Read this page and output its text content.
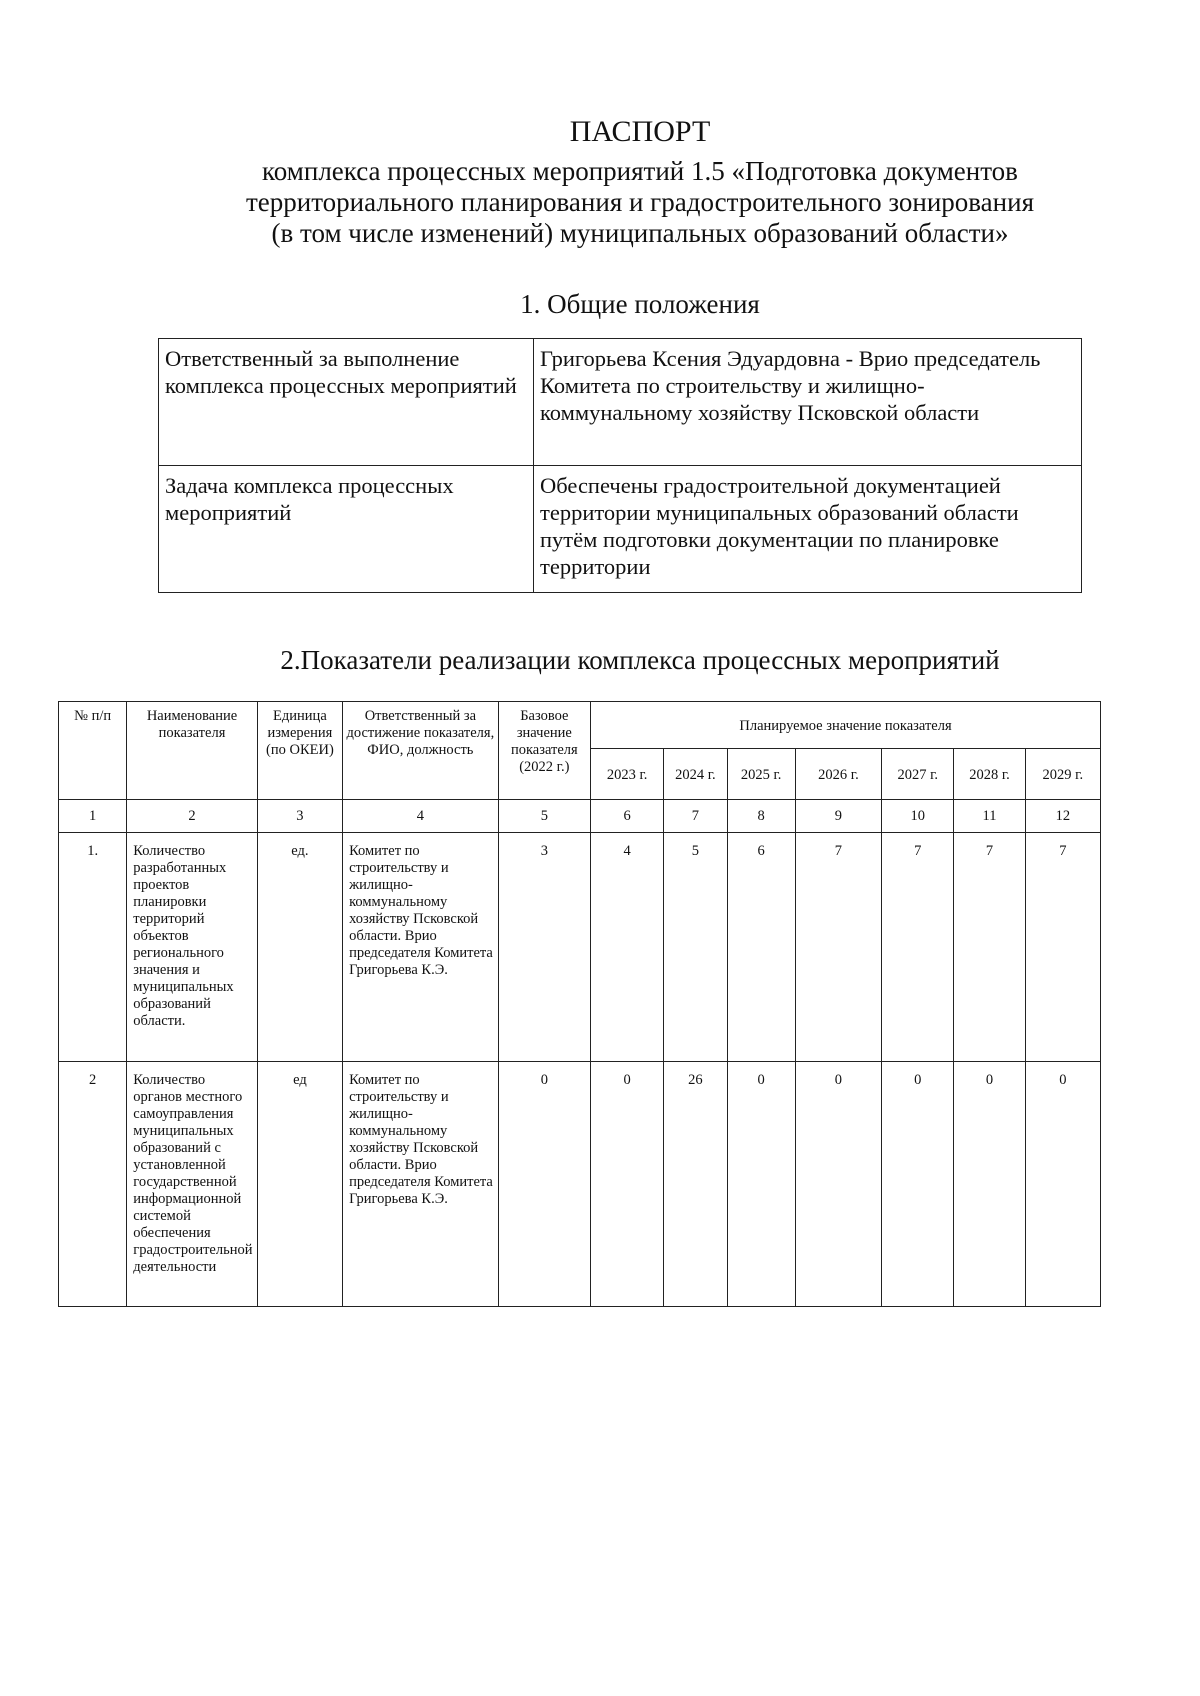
ПАСПОРТ
комплекса процессных мероприятий 1.5 «Подготовка документов
территориального планирования и градостроительного зонирования
(в том числе изменений) муниципальных образований области»
1. Общие положения
Ответственный за выполнение комплекса процессных мероприятий	Григорьева Ксения Эдуардовна - Врио председатель Комитета по строительству и жилищно-коммунальному хозяйству Псковской области
Задача комплекса процессных мероприятий	Обеспечены градостроительной документацией территории муниципальных образований области путём подготовки документации по планировке территории
2.Показатели реализации комплекса процессных мероприятий
№ п/п	Наименование показателя	Единица измерения (по ОКЕИ)	Ответственный за достижение показателя, ФИО, должность	Базовое значение показателя (2022 г.)	Планируемое значение показателя						
					2023 г.	2024 г.	2025 г.	2026 г.	2027 г.	2028 г.	2029 г.
1	2	3	4	5	6	7	8	9	10	11	12
1.	Количество разработанных проектов планировки территорий объектов регионального значения и муниципальных образований области.	ед.	Комитет по строительству и жилищно-коммунальному хозяйству Псковской области. Врио председателя Комитета Григорьева К.Э.	3	4	5	6	7	7	7	7
2	Количество органов местного самоуправления муниципальных образований с установленной государственной информационной системой обеспечения градостроительной деятельности	ед	Комитет по строительству и жилищно-коммунальному хозяйству Псковской области. Врио председателя Комитета Григорьева К.Э.	0	0	26	0	0	0	0	0
